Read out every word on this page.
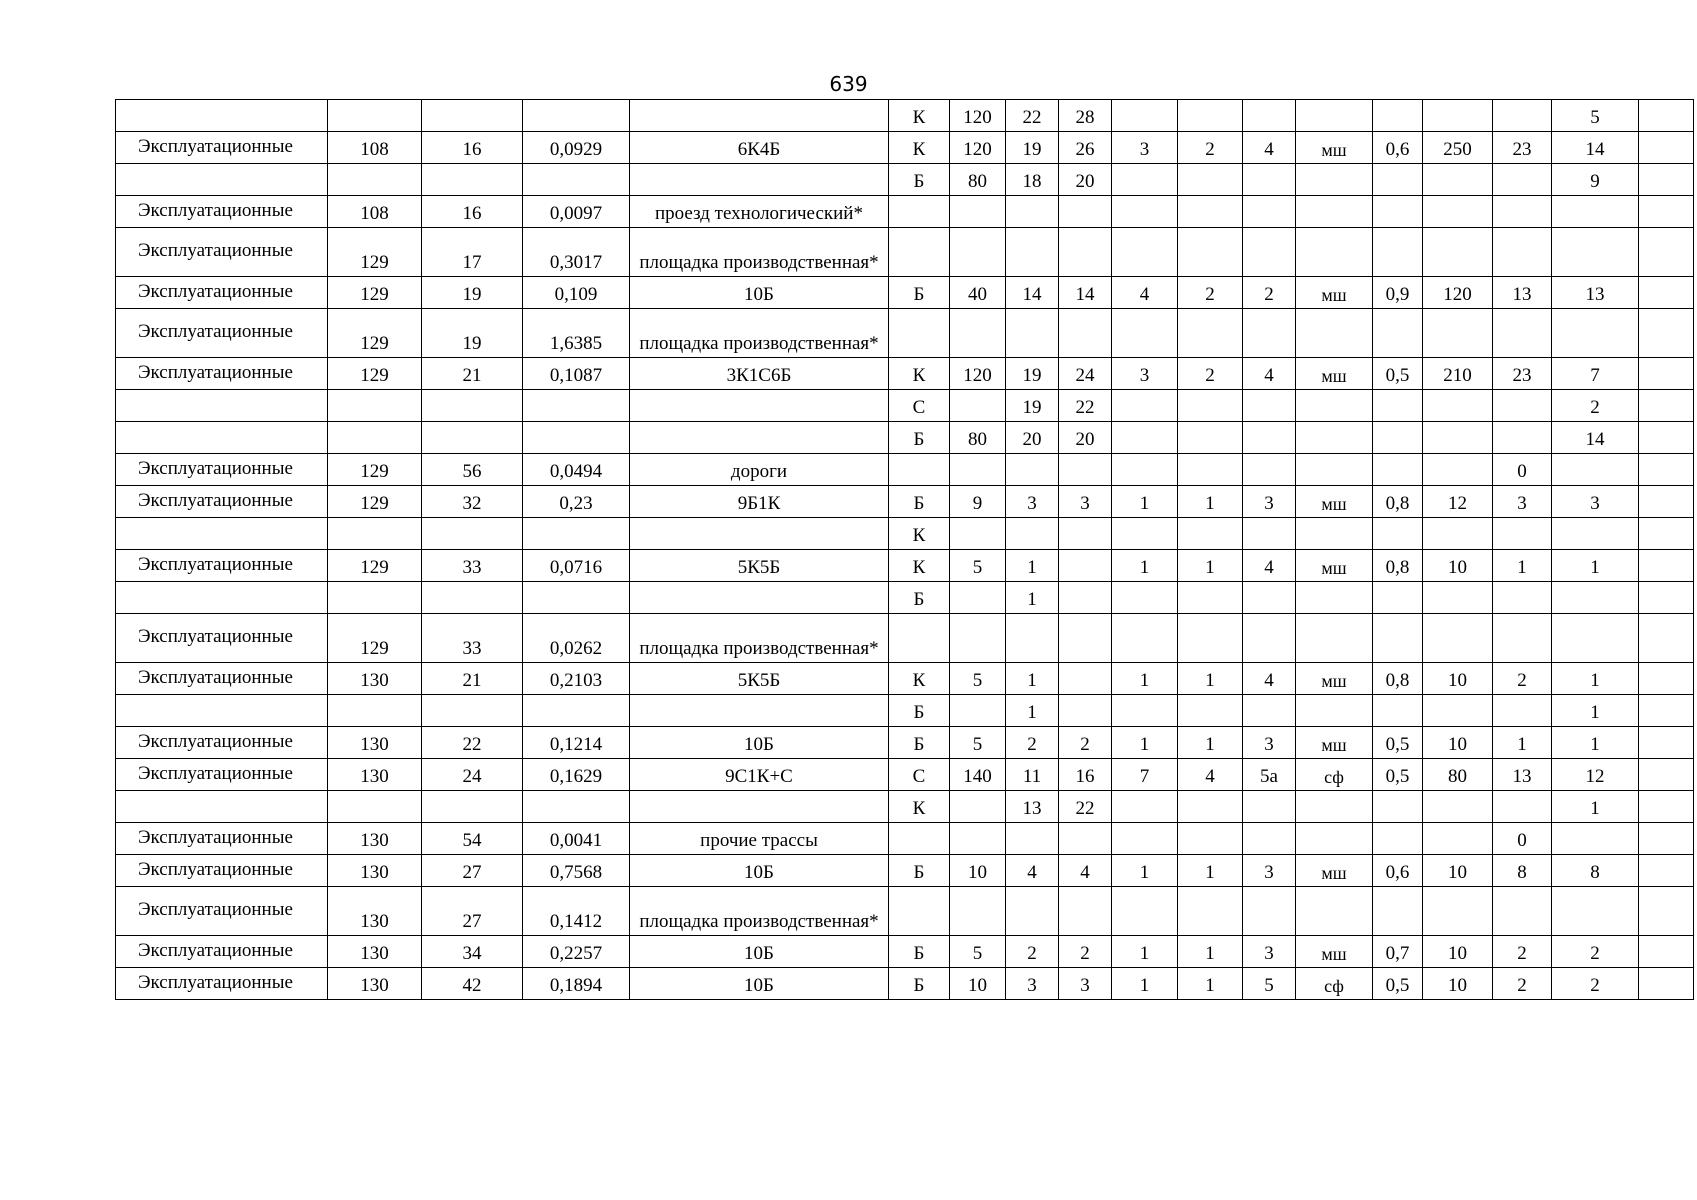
639
					К	120	22	28								5	
Эксплуатационные	108	16	0,0929	6К4Б	К	120	19	26	3	2	4	мш	0,6	250	23	14	
					Б	80	18	20								9	
Эксплуатационные	108	16	0,0097	проезд технологический*													
Эксплуатационные	129	17	0,3017	площадка производственная*													
Эксплуатационные	129	19	0,109	10Б	Б	40	14	14	4	2	2	мш	0,9	120	13	13	
Эксплуатационные	129	19	1,6385	площадка производственная*													
Эксплуатационные	129	21	0,1087	3К1С6Б	К	120	19	24	3	2	4	мш	0,5	210	23	7	
					С		19	22								2	
					Б	80	20	20								14	
Эксплуатационные	129	56	0,0494	дороги											0		
Эксплуатационные	129	32	0,23	9Б1К	Б	9	3	3	1	1	3	мш	0,8	12	3	3	
					К												
Эксплуатационные	129	33	0,0716	5К5Б	К	5	1		1	1	4	мш	0,8	10	1	1	
					Б		1										
Эксплуатационные	129	33	0,0262	площадка производственная*													
Эксплуатационные	130	21	0,2103	5К5Б	К	5	1		1	1	4	мш	0,8	10	2	1	
					Б		1									1	
Эксплуатационные	130	22	0,1214	10Б	Б	5	2	2	1	1	3	мш	0,5	10	1	1	
Эксплуатационные	130	24	0,1629	9С1К+С	С	140	11	16	7	4	5а	сф	0,5	80	13	12	
					К		13	22								1	
Эксплуатационные	130	54	0,0041	прочие трассы											0		
Эксплуатационные	130	27	0,7568	10Б	Б	10	4	4	1	1	3	мш	0,6	10	8	8	
Эксплуатационные	130	27	0,1412	площадка производственная*													
Эксплуатационные	130	34	0,2257	10Б	Б	5	2	2	1	1	3	мш	0,7	10	2	2	
Эксплуатационные	130	42	0,1894	10Б	Б	10	3	3	1	1	5	сф	0,5	10	2	2	
